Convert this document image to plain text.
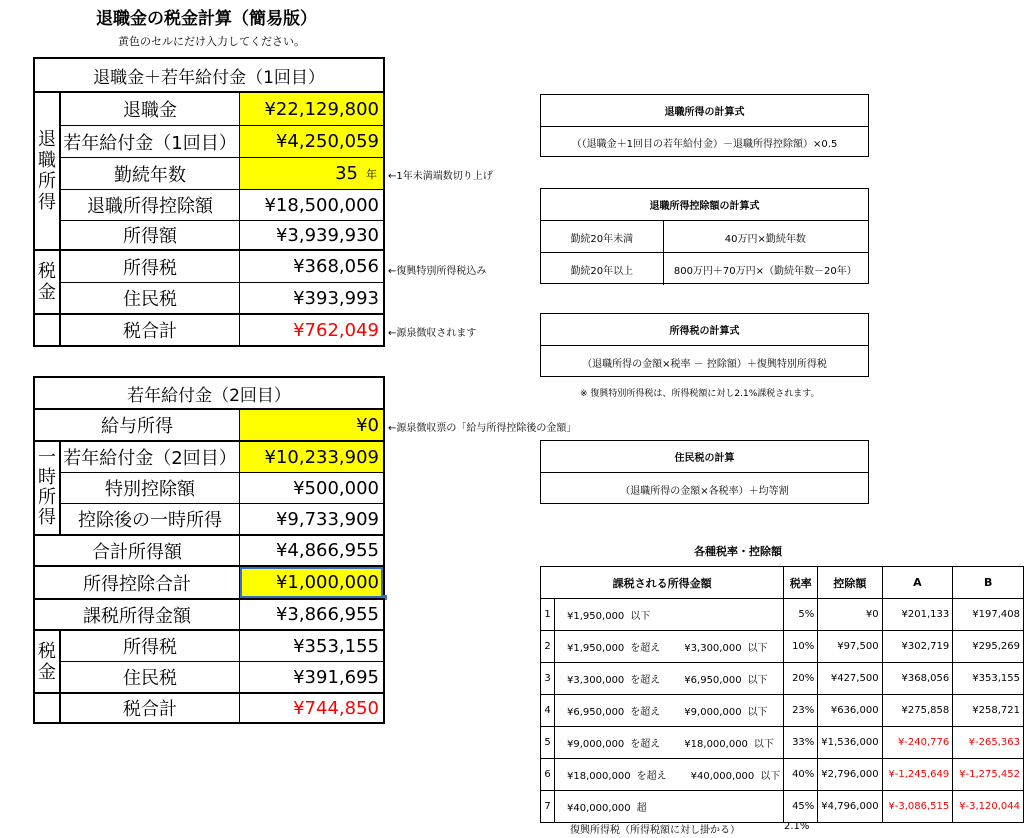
退職金の税金計算（簡易版）
黄色のセルにだけ入力してください。
退職金＋若年給付金（1回目）
退
職
所
得
税
金
退職金	¥22,129,800
若年給付金（1回目）	¥4,250,059
勤続年数	35 年
退職所得控除額	¥18,500,000
所得額	¥3,939,930
所得税	¥368,056
住民税	¥393,993
税合計	¥762,049
←1年未満端数切り上げ
←復興特別所得税込み
←源泉徴収されます
若年給付金（2回目）
給与所得	¥0
一
時
所
得
若年給付金（2回目）	¥10,233,909
特別控除額	¥500,000
控除後の一時所得	¥9,733,909
合計所得額	¥4,866,955
所得控除合計	¥1,000,000
課税所得金額	¥3,866,955
税
金
所得税	¥353,155
住民税	¥391,695
税合計	¥744,850
←源泉徴収票の「給与所得控除後の金額」
退職所得の計算式
（（退職金＋1回目の若年給付金）－退職所得控除額）×0.5
退職所得控除額の計算式
勤続20年未満	40万円×勤続年数
勤続20年以上	800万円＋70万円×（勤続年数－20年）
所得税の計算式
（退職所得の金額×税率 － 控除額）＋復興特別所得税
※ 復興特別所得税は、所得税額に対し2.1%課税されます。
住民税の計算
（退職所得の金額×各税率）＋均等割
各種税率・控除額
課税される所得金額		税率	控除額	A	B
1	¥1,950,000 以下	5%	¥0	¥201,133	¥197,408
2	¥1,950,000 を超え ¥3,300,000 以下	10%	¥97,500	¥302,719	¥295,269
3	¥3,300,000 を超え ¥6,950,000 以下	20%	¥427,500	¥368,056	¥353,155
4	¥6,950,000 を超え ¥9,000,000 以下	23%	¥636,000	¥275,858	¥258,721
5	¥9,000,000 を超え ¥18,000,000 以下	33%	¥1,536,000	¥-240,776	¥-265,363
6	¥18,000,000 を超え ¥40,000,000 以下	40%	¥2,796,000	¥-1,245,649	¥-1,275,452
7	¥40,000,000 超	45%	¥4,796,000	¥-3,086,515	¥-3,120,044
復興所得税（所得税額に対し掛かる）	2.1%
